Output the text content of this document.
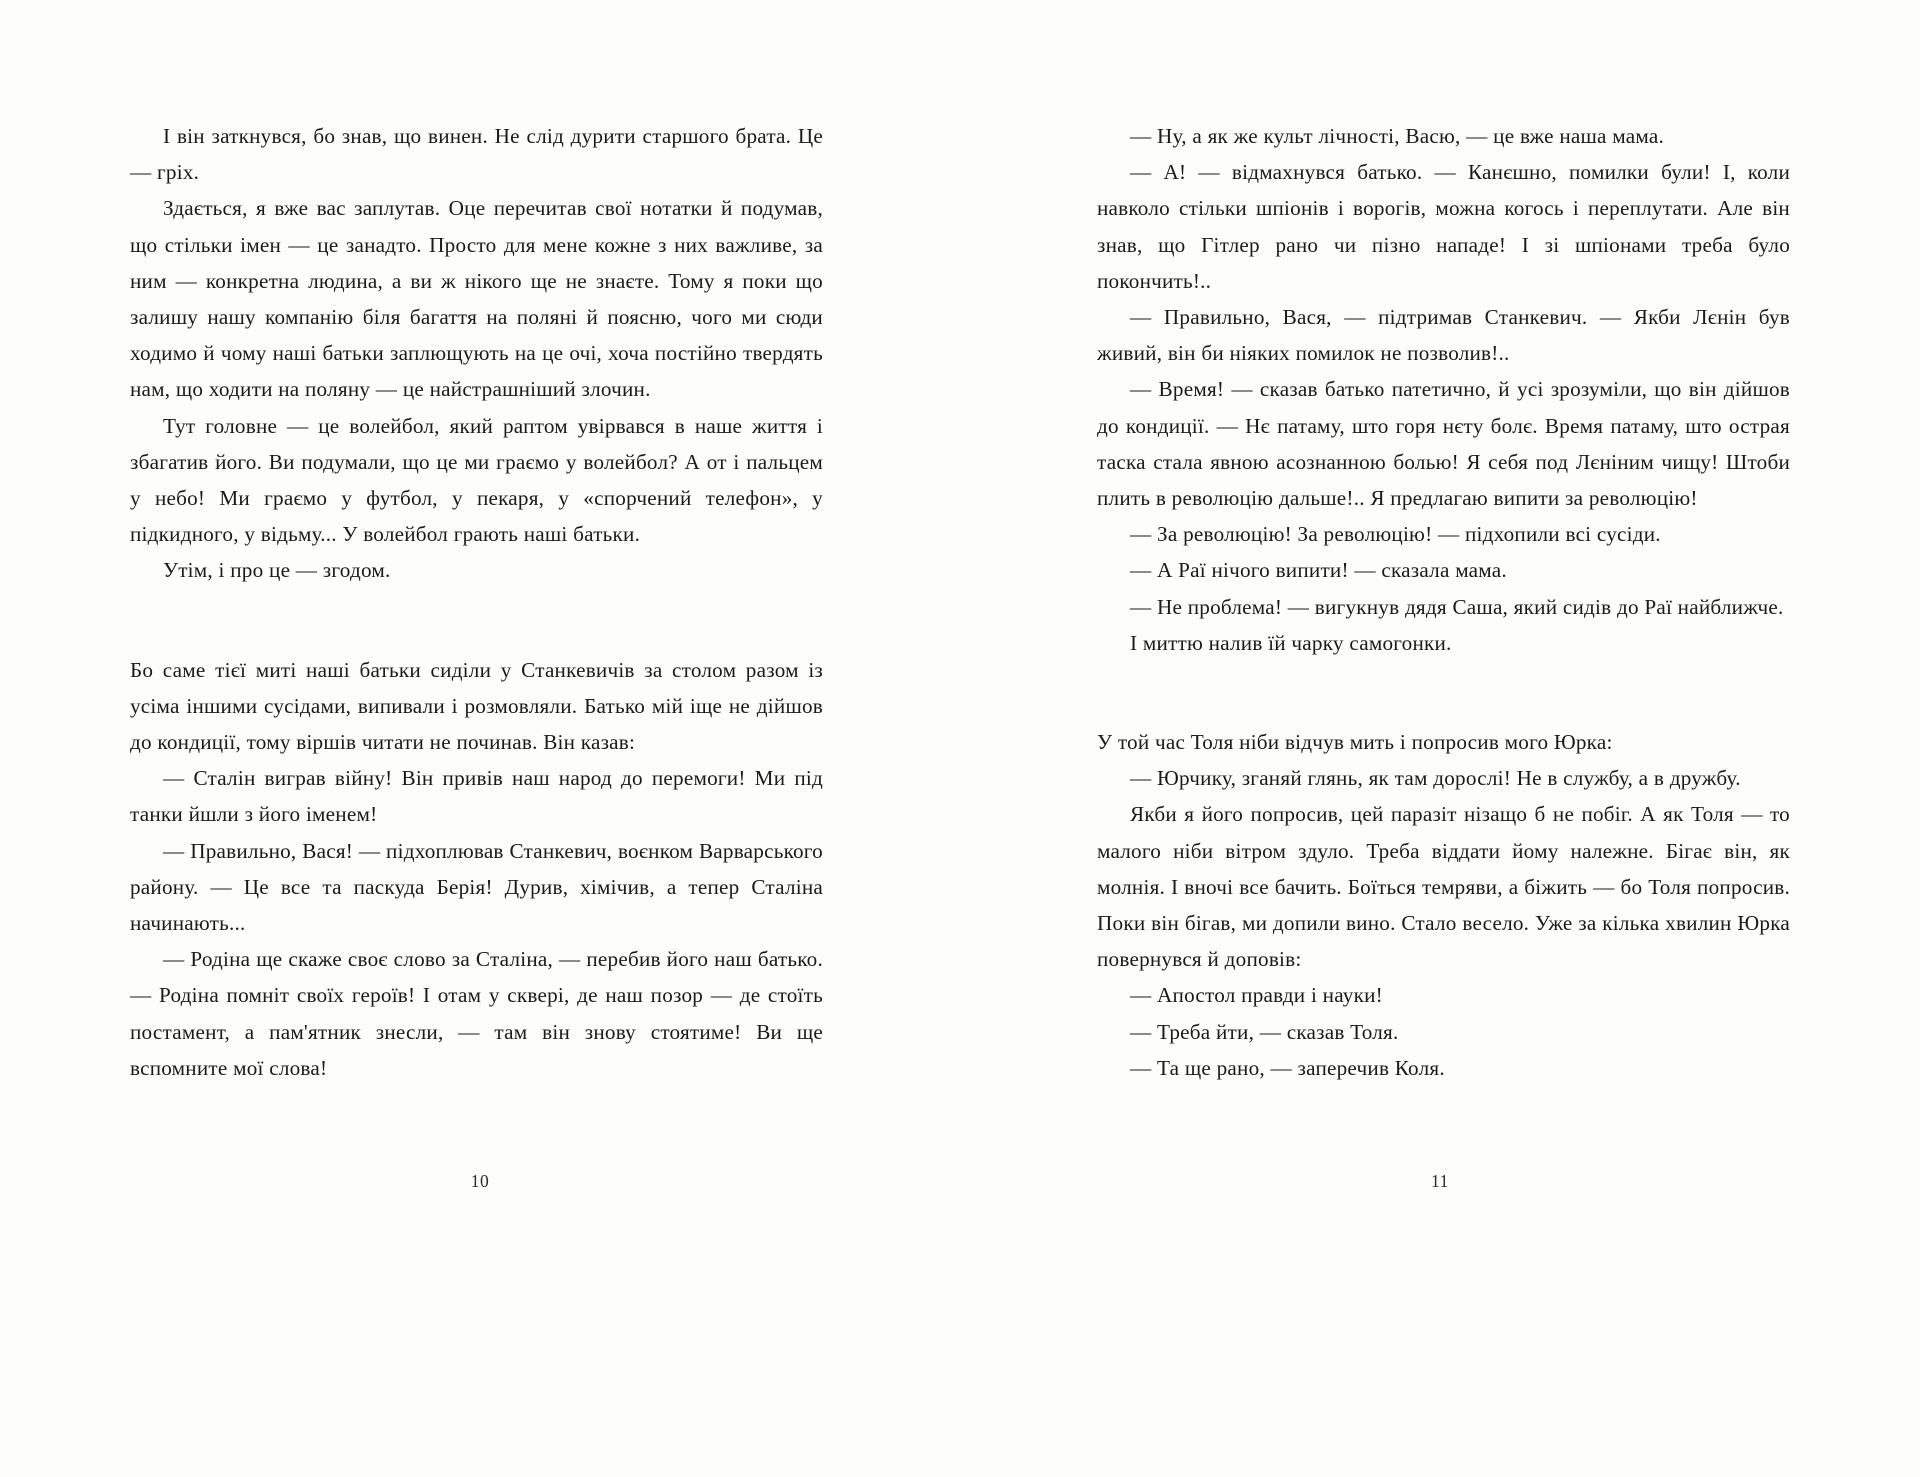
І він заткнувся, бо знав, що винен. Не слід дурити старшого брата. Це — гріх.

Здається, я вже вас заплутав. Оце перечитав свої нотатки й подумав, що стільки імен — це занадто. Просто для мене кожне з них важливе, за ним — конкретна людина, а ви ж нікого ще не знаєте. Тому я поки що залишу нашу компанію біля багаття на поляні й поясню, чого ми сюди ходимо й чому наші батьки заплющують на це очі, хоча постійно твердять нам, що ходити на поляну — це найстрашніший злочин.

Тут головне — це волейбол, який раптом увірвався в наше життя і збагатив його. Ви подумали, що це ми граємо у волейбол? А от і пальцем у небо! Ми граємо у футбол, у пекаря, у «спорчений телефон», у підкидного, у відьму... У волейбол грають наші батьки.

Утім, і про це — згодом.

Бо саме тієї миті наші батьки сиділи у Станкевичів за столом разом із усіма іншими сусідами, випивали і розмовляли. Батько мій іще не дійшов до кондиції, тому віршів читати не починав. Він казав:

— Сталін виграв війну! Він привів наш народ до перемоги! Ми під танки йшли з його іменем!

— Правильно, Вася! — підхоплював Станкевич, воєнком Варварського району. — Це все та паскуда Берія! Дурив, хімічив, а тепер Сталіна начинають...

— Родіна ще скаже своє слово за Сталіна, — перебив його наш батько. — Родіна помніт своїх героїв! І отам у сквері, де наш позор — де стоїть постамент, а пам'ятник знесли, — там він знову стоятиме! Ви ще вспомните мої слова!

10

— Ну, а як же культ лічності, Васю, — це вже наша мама.

— А! — відмахнувся батько. — Канєшно, помилки були! І, коли навколо стільки шпіонів і ворогів, можна когось і переплутати. Але він знав, що Гітлер рано чи пізно нападе! І зі шпіонами треба було покончить!..

— Правильно, Вася, — підтримав Станкевич. — Якби Лєнін був живий, він би ніяких помилок не позволив!..

— Время! — сказав батько патетично, й усі зрозуміли, що він дійшов до кондиції. — Нє патаму, што горя нєту болє. Время патаму, што острая таска стала явною асознанною болью! Я себя под Лєніним чищу! Штоби плить в революцію дальше!.. Я предлагаю випити за революцію!

— За революцію! За революцію! — підхопили всі сусіди.

— А Раї нічого випити! — сказала мама.

— Не проблема! — вигукнув дядя Саша, який сидів до Раї найближче.

І миттю налив їй чарку самогонки.

У той час Толя ніби відчув мить і попросив мого Юрка:

— Юрчику, зганяй глянь, як там дорослі! Не в службу, а в дружбу.

Якби я його попросив, цей паразіт нізащо б не побіг. А як Толя — то малого ніби вітром здуло. Треба віддати йому належне. Бігає він, як молнія. І вночі все бачить. Боїться темряви, а біжить — бо Толя попросив. Поки він бігав, ми допили вино. Стало весело. Уже за кілька хвилин Юрка повернувся й доповів:

— Апостол правди і науки!

— Треба йти, — сказав Толя.

— Та ще рано, — заперечив Коля.

11
